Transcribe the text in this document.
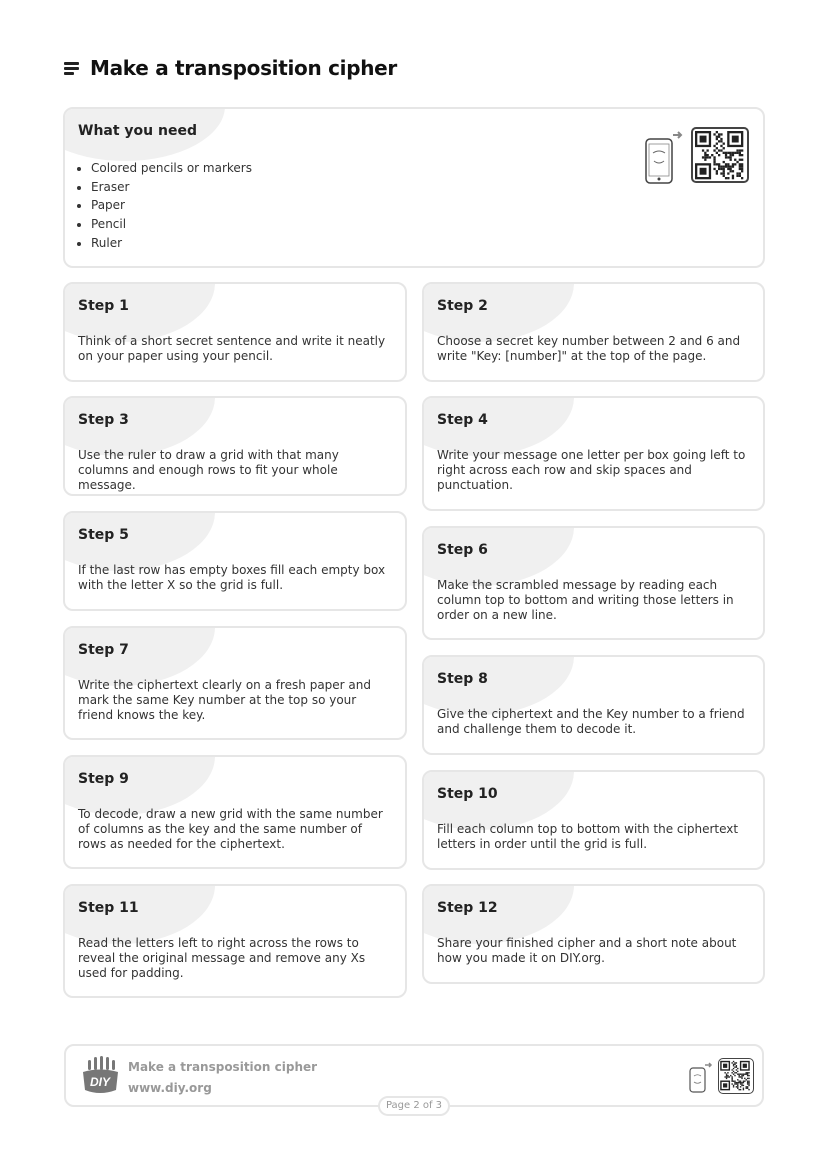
Make a transposition cipher
What you need
• Colored pencils or markers
• Eraser
• Paper
• Pencil
• Ruler
Step 1
Think of a short secret sentence and write it neatly on your paper using your pencil.
Step 2
Choose a secret key number between 2 and 6 and write "Key: [number]" at the top of the page.
Step 3
Use the ruler to draw a grid with that many columns and enough rows to fit your whole message.
Step 4
Write your message one letter per box going left to right across each row and skip spaces and punctuation.
Step 5
If the last row has empty boxes fill each empty box with the letter X so the grid is full.
Step 6
Make the scrambled message by reading each column top to bottom and writing those letters in order on a new line.
Step 7
Write the ciphertext clearly on a fresh paper and mark the same Key number at the top so your friend knows the key.
Step 8
Give the ciphertext and the Key number to a friend and challenge them to decode it.
Step 9
To decode, draw a new grid with the same number of columns as the key and the same number of rows as needed for the ciphertext.
Step 10
Fill each column top to bottom with the ciphertext letters in order until the grid is full.
Step 11
Read the letters left to right across the rows to reveal the original message and remove any Xs used for padding.
Step 12
Share your finished cipher and a short note about how you made it on DIY.org.
DIY
Make a transposition cipher
www.diy.org
Page 2 of 3
